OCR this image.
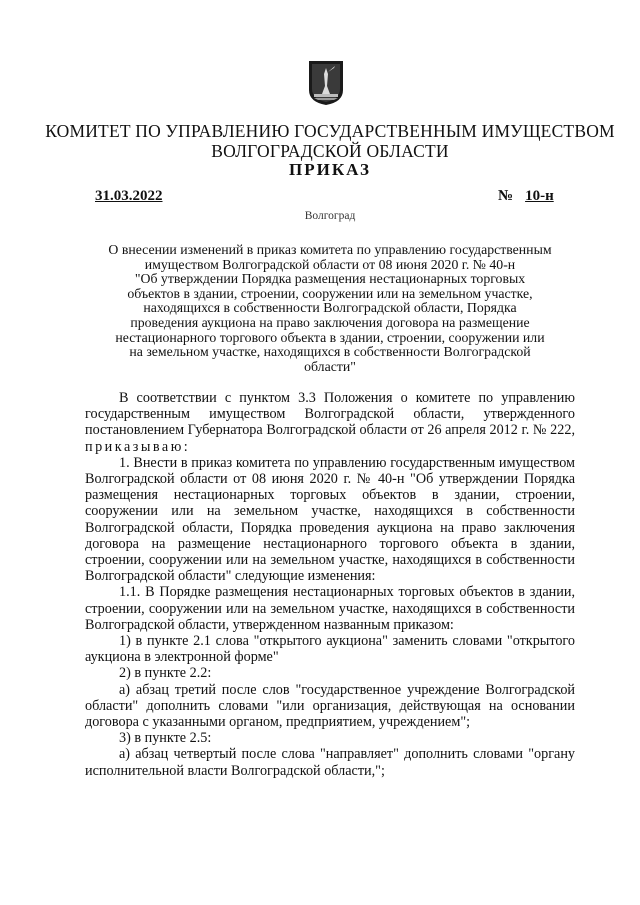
КОМИТЕТ ПО УПРАВЛЕНИЮ ГОСУДАРСТВЕННЫМ ИМУЩЕСТВОМ
ВОЛГОГРАДСКОЙ ОБЛАСТИ
ПРИКАЗ
31.03.2022	№ 10-н
Волгоград
О внесении изменений в приказ комитета по управлению государственным
имуществом Волгоградской области от 08 июня 2020 г. № 40-н
"Об утверждении Порядка размещения нестационарных торговых
объектов в здании, строении, сооружении или на земельном участке,
находящихся в собственности Волгоградской области, Порядка
проведения аукциона на право заключения договора на размещение
нестационарного торгового объекта в здании, строении, сооружении или
на земельном участке, находящихся в собственности Волгоградской
области"

В соответствии с пунктом 3.3 Положения о комитете по управлению государственным имуществом Волгоградской области, утвержденного постановлением Губернатора Волгоградской области от 26 апреля 2012 г. № 222, приказываю:

1. Внести в приказ комитета по управлению государственным имуществом Волгоградской области от 08 июня 2020 г. № 40-н "Об утверждении Порядка размещения нестационарных торговых объектов в здании, строении, сооружении или на земельном участке, находящихся в собственности Волгоградской области, Порядка проведения аукциона на право заключения договора на размещение нестационарного торгового объекта в здании, строении, сооружении или на земельном участке, находящихся в собственности Волгоградской области" следующие изменения:

1.1. В Порядке размещения нестационарных торговых объектов в здании, строении, сооружении или на земельном участке, находящихся в собственности Волгоградской области, утвержденном названным приказом:

1) в пункте 2.1 слова "открытого аукциона" заменить словами "открытого аукциона в электронной форме"

2) в пункте 2.2:

а) абзац третий после слов "государственное учреждение Волгоградской области" дополнить словами "или организация, действующая на основании договора с указанными органом, предприятием, учреждением";

3) в пункте 2.5:

а) абзац четвертый после слова "направляет" дополнить словами "органу исполнительной власти Волгоградской области,";
